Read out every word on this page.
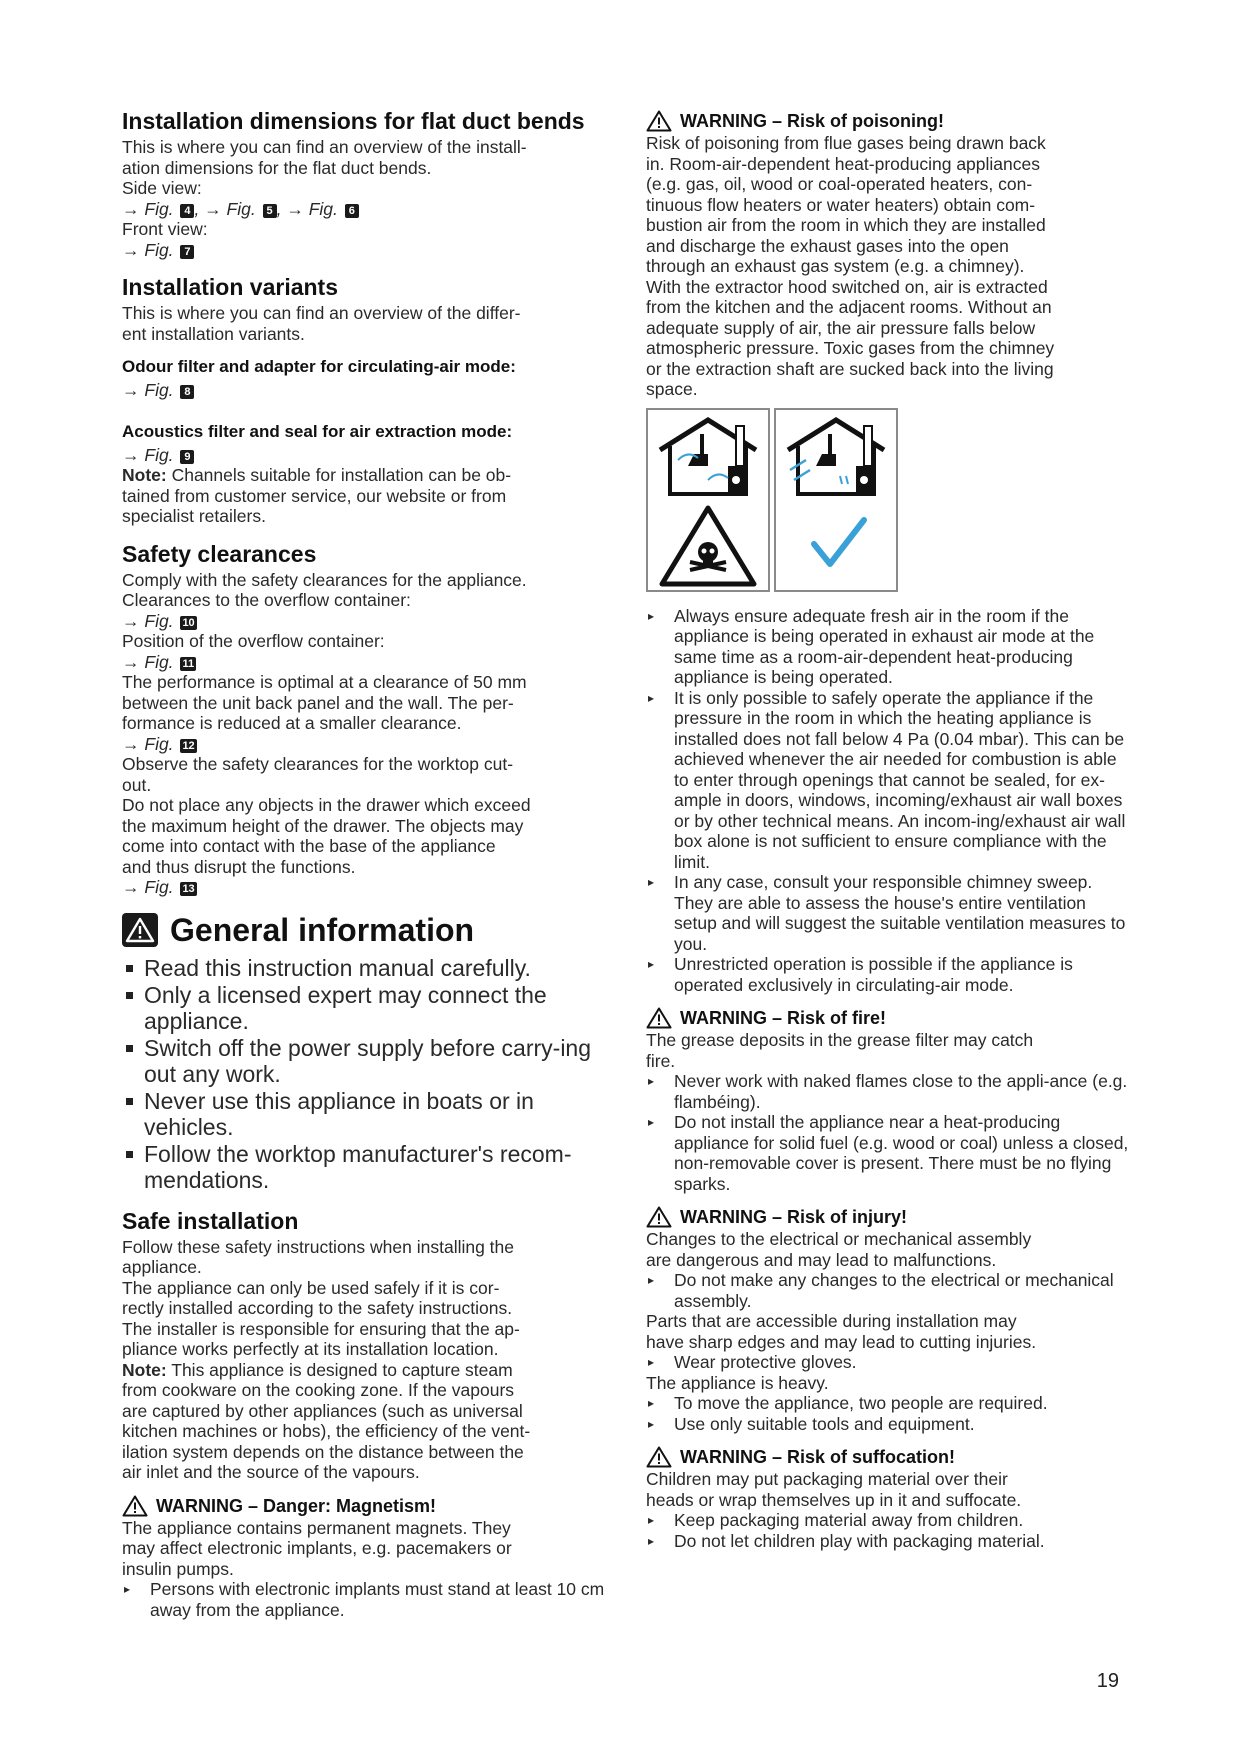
Installation dimensions for flat duct bends

This is where you can find an overview of the install-

ation dimensions for the flat duct bends.

Side view:

→ Fig. 4 , → Fig. 5 , → Fig. 6

Front view:

→ Fig. 7

Installation variants

This is where you can find an overview of the differ-

ent installation variants.

Odour filter and adapter for circulating-air mode:

→ Fig. 8

Acoustics filter and seal for air extraction mode:

→ Fig. 9

Note: Channels suitable for installation can be ob-

tained from customer service, our website or from

specialist retailers.

Safety clearances

Comply with the safety clearances for the appliance.

Clearances to the overflow container:

→ Fig. 10

Position of the overflow container:

→ Fig. 11

The performance is optimal at a clearance of 50 mm

between the unit back panel and the wall. The per-

formance is reduced at a smaller clearance.

→ Fig. 12

Observe the safety clearances for the worktop cut-

out.

Do not place any objects in the drawer which exceed

the maximum height of the drawer. The objects may

come into contact with the base of the appliance

and thus disrupt the functions.

→ Fig. 13

General information
Read this instruction manual carefully.
Only a licensed expert may connect the appliance.
Switch off the power supply before carry-ing out any work.
Never use this appliance in boats or in vehicles.
Follow the worktop manufacturer's recom-mendations.
Safe installation

Follow these safety instructions when installing the

appliance.

The appliance can only be used safely if it is cor-

rectly installed according to the safety instructions.

The installer is responsible for ensuring that the ap-

pliance works perfectly at its installation location.

Note: This appliance is designed to capture steam

from cookware on the cooking zone. If the vapours

are captured by other appliances (such as universal

kitchen machines or hobs), the efficiency of the vent-

ilation system depends on the distance between the

air inlet and the source of the vapours.

WARNING – Danger: Magnetism!

The appliance contains permanent magnets. They

may affect electronic implants, e.g. pacemakers or

insulin pumps.

▸ Persons with electronic implants must stand at least 10 cm away from the appliance.
WARNING – Risk of poisoning!

Risk of poisoning from flue gases being drawn back

in. Room-air-dependent heat-producing appliances

(e.g. gas, oil, wood or coal-operated heaters, con-

tinuous flow heaters or water heaters) obtain com-

bustion air from the room in which they are installed

and discharge the exhaust gases into the open

through an exhaust gas system (e.g. a chimney).

With the extractor hood switched on, air is extracted

from the kitchen and the adjacent rooms. Without an

adequate supply of air, the air pressure falls below

atmospheric pressure. Toxic gases from the chimney

or the extraction shaft are sucked back into the living

space.

▸ Always ensure adequate fresh air in the room if the appliance is being operated in exhaust air mode at the same time as a room-air-dependent heat-producing appliance is being operated.
▸ It is only possible to safely operate the appliance if the pressure in the room in which the heating appliance is installed does not fall below 4 Pa (0.04 mbar). This can be achieved whenever the air needed for combustion is able to enter through openings that cannot be sealed, for ex-ample in doors, windows, incoming/exhaust air wall boxes or by other technical means. An incom-ing/exhaust air wall box alone is not sufficient to ensure compliance with the limit.
▸ In any case, consult your responsible chimney sweep. They are able to assess the house's entire ventilation setup and will suggest the suitable ventilation measures to you.
▸ Unrestricted operation is possible if the appliance is operated exclusively in circulating-air mode.
WARNING – Risk of fire!

The grease deposits in the grease filter may catch

fire.

▸ Never work with naked flames close to the appli-ance (e.g. flambéing).
▸ Do not install the appliance near a heat-producing appliance for solid fuel (e.g. wood or coal) unless a closed, non-removable cover is present. There must be no flying sparks.
WARNING – Risk of injury!

Changes to the electrical or mechanical assembly

are dangerous and may lead to malfunctions.

▸ Do not make any changes to the electrical or mechanical assembly.

Parts that are accessible during installation may

have sharp edges and may lead to cutting injuries.

▸ Wear protective gloves.

The appliance is heavy.

▸ To move the appliance, two people are required.
▸ Use only suitable tools and equipment.
WARNING – Risk of suffocation!

Children may put packaging material over their

heads or wrap themselves up in it and suffocate.

▸ Keep packaging material away from children.
▸ Do not let children play with packaging material.
19
